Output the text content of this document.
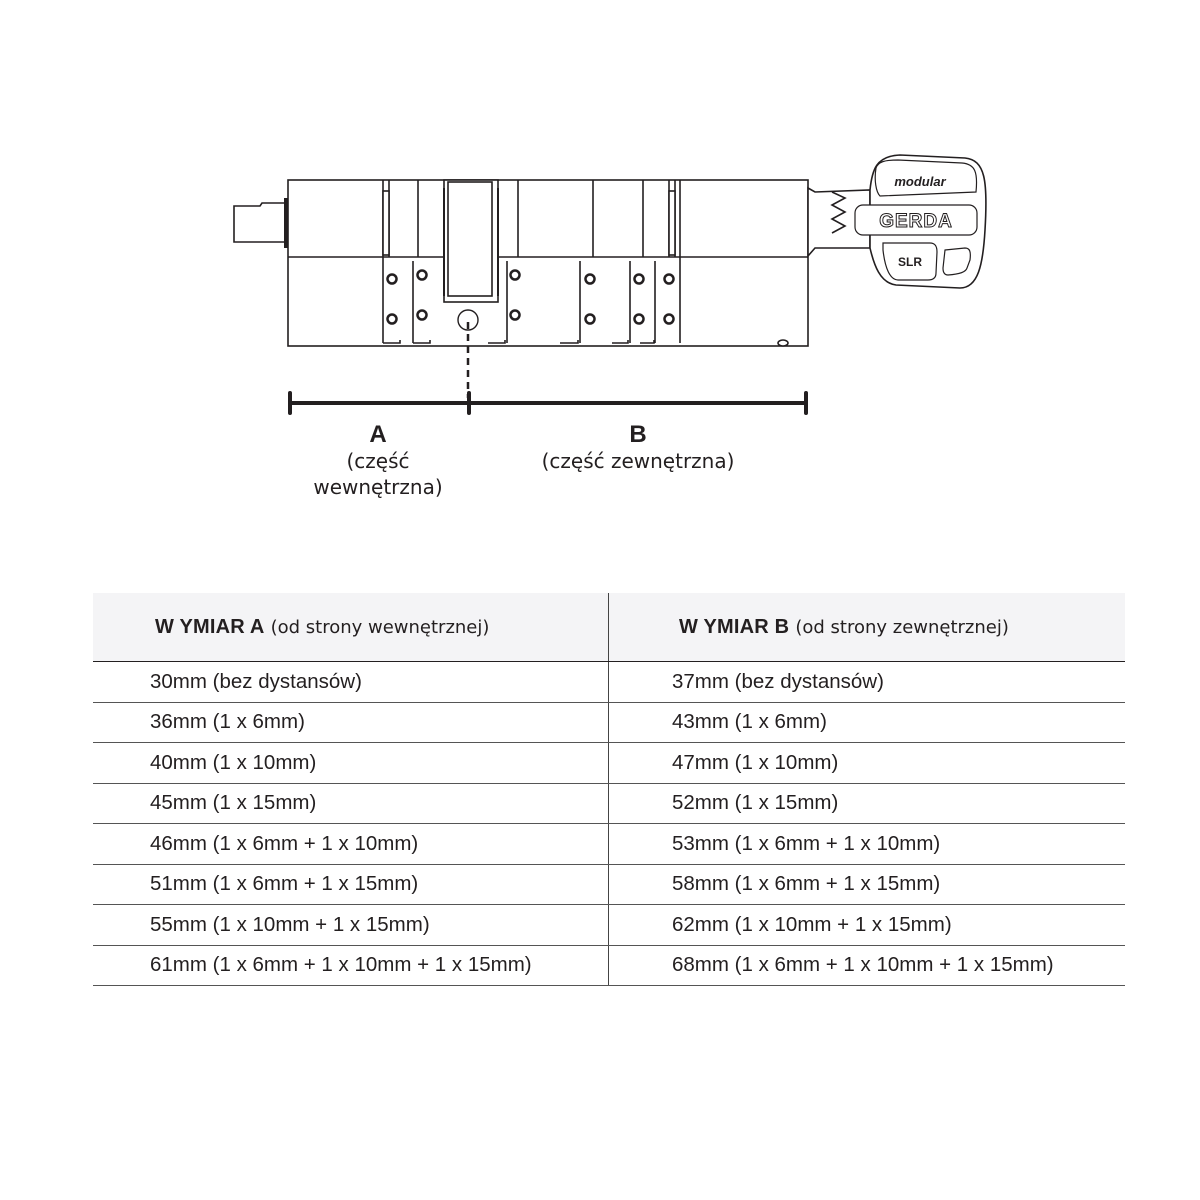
modular
GERDA
SLR
A
(część
wewnętrzna)
B
(część zewnętrzna)
W YMIAR A (od strony wewnętrznej)	W YMIAR B (od strony zewnętrznej)
30mm (bez dystansów)	37mm (bez dystansów)
36mm (1 x 6mm)	43mm (1 x 6mm)
40mm (1 x 10mm)	47mm (1 x 10mm)
45mm (1 x 15mm)	52mm (1 x 15mm)
46mm (1 x 6mm + 1 x 10mm)	53mm (1 x 6mm + 1 x 10mm)
51mm (1 x 6mm + 1 x 15mm)	58mm (1 x 6mm + 1 x 15mm)
55mm (1 x 10mm + 1 x 15mm)	62mm (1 x 10mm + 1 x 15mm)
61mm (1 x 6mm + 1 x 10mm + 1 x 15mm)	68mm (1 x 6mm + 1 x 10mm + 1 x 15mm)
